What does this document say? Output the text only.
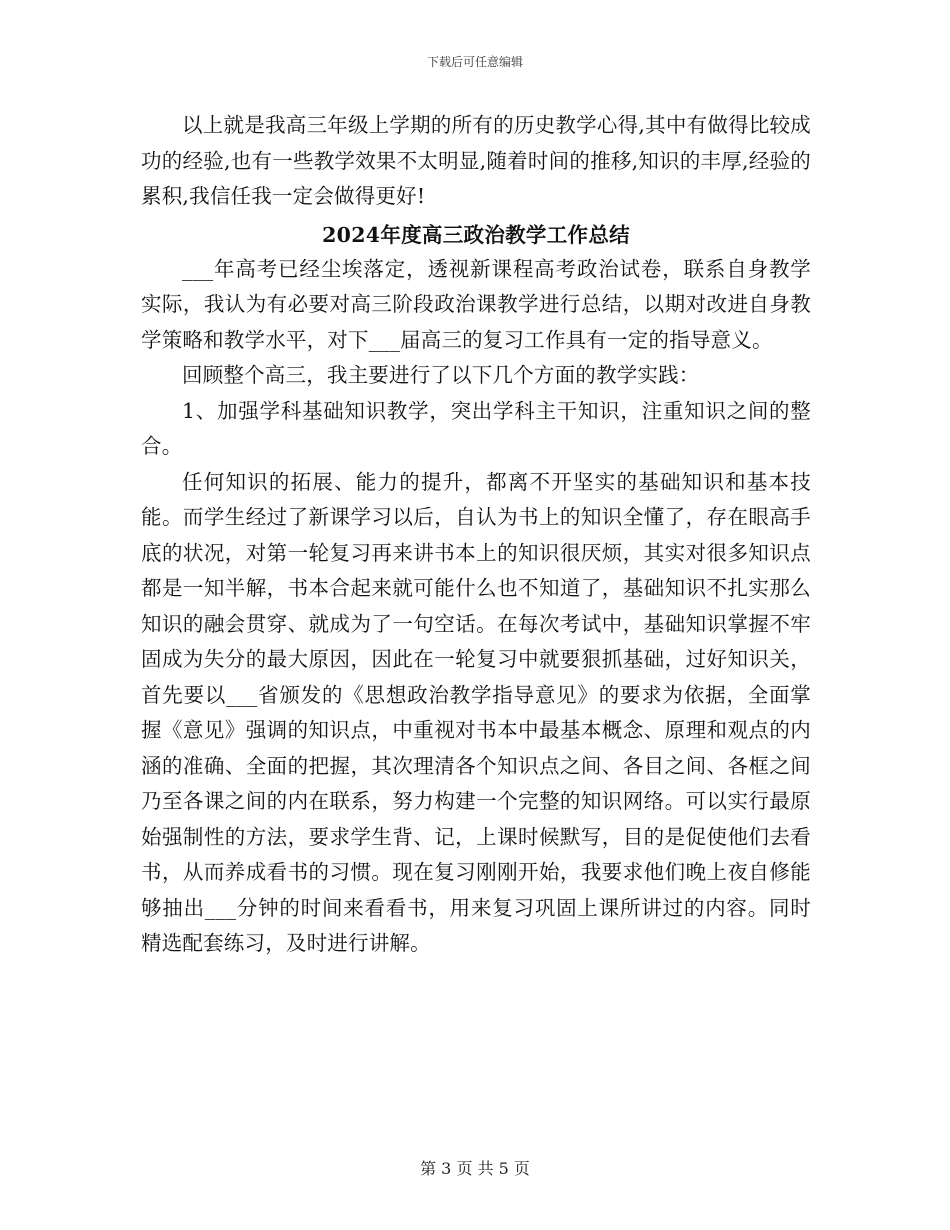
下载后可任意编辑

以上就是我高三年级上学期的所有的历史教学心得,其中有做得比较成功的经验,也有一些教学效果不太明显,随着时间的推移,知识的丰厚,经验的累积,我信任我一定会做得更好!

2024年度高三政治教学工作总结

___年高考已经尘埃落定，透视新课程高考政治试卷，联系自身教学实际，我认为有必要对高三阶段政治课教学进行总结，以期对改进自身教学策略和教学水平，对下___届高三的复习工作具有一定的指导意义。

回顾整个高三，我主要进行了以下几个方面的教学实践：

1、加强学科基础知识教学，突出学科主干知识，注重知识之间的整合。

任何知识的拓展、能力的提升，都离不开坚实的基础知识和基本技能。而学生经过了新课学习以后，自认为书上的知识全懂了，存在眼高手底的状况，对第一轮复习再来讲书本上的知识很厌烦，其实对很多知识点都是一知半解，书本合起来就可能什么也不知道了，基础知识不扎实那么知识的融会贯穿、就成为了一句空话。在每次考试中，基础知识掌握不牢固成为失分的最大原因，因此在一轮复习中就要狠抓基础，过好知识关，首先要以___省颁发的《思想政治教学指导意见》的要求为依据，全面掌握《意见》强调的知识点，中重视对书本中最基本概念、原理和观点的内涵的准确、全面的把握，其次理清各个知识点之间、各目之间、各框之间乃至各课之间的内在联系，努力构建一个完整的知识网络。可以实行最原始强制性的方法，要求学生背、记，上课时候默写，目的是促使他们去看书，从而养成看书的习惯。现在复习刚刚开始，我要求他们晚上夜自修能够抽出___分钟的时间来看看书，用来复习巩固上课所讲过的内容。同时精选配套练习，及时进行讲解。

第 3 页 共 5 页
